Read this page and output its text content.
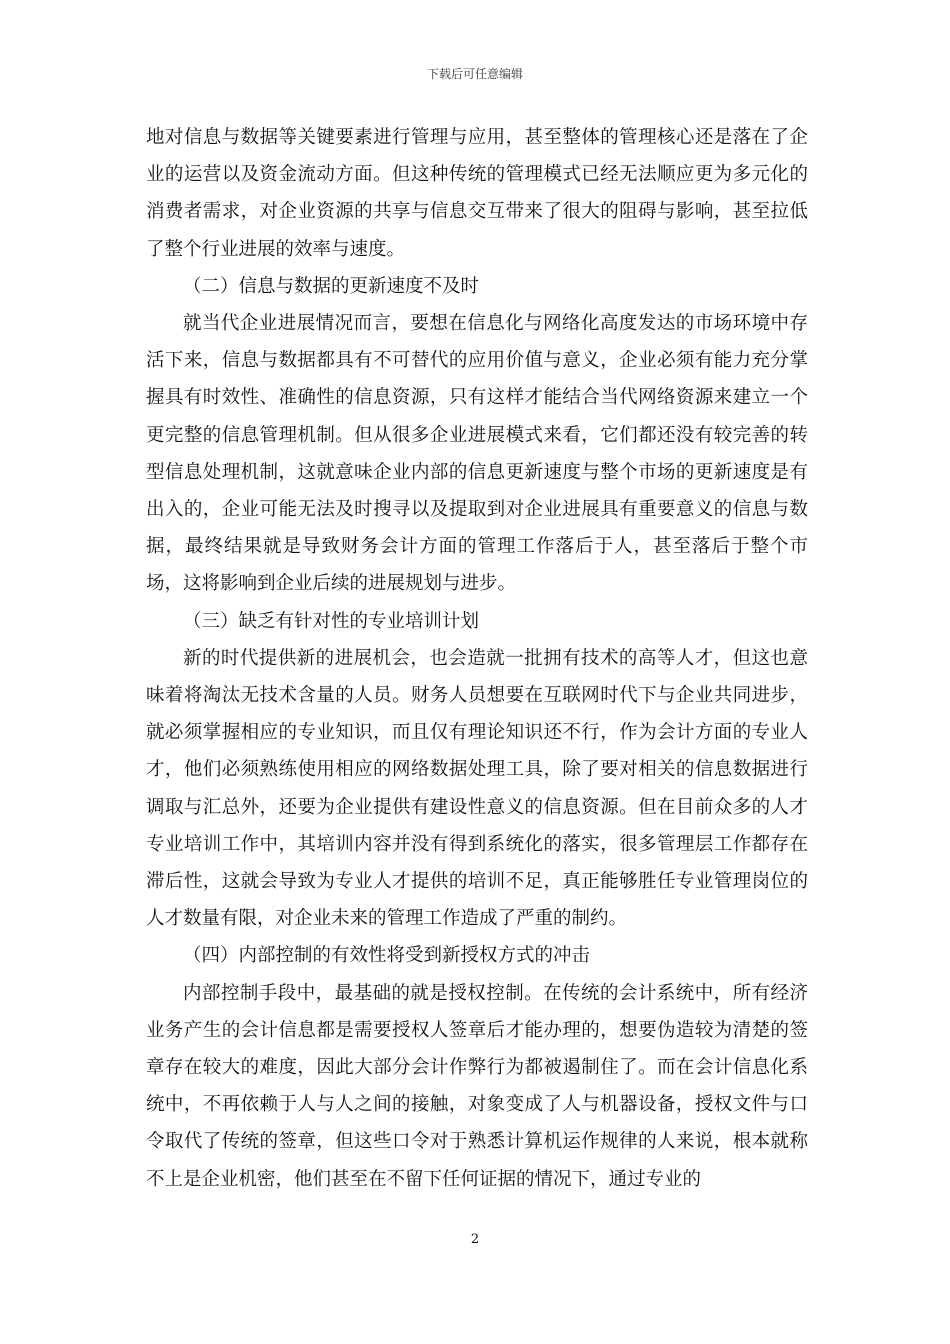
下载后可任意编辑

地对信息与数据等关键要素进行管理与应用，甚至整体的管理核心还是落在了企业的运营以及资金流动方面。但这种传统的管理模式已经无法顺应更为多元化的消费者需求，对企业资源的共享与信息交互带来了很大的阻碍与影响，甚至拉低了整个行业进展的效率与速度。

（二）信息与数据的更新速度不及时

就当代企业进展情况而言，要想在信息化与网络化高度发达的市场环境中存活下来，信息与数据都具有不可替代的应用价值与意义，企业必须有能力充分掌握具有时效性、准确性的信息资源，只有这样才能结合当代网络资源来建立一个更完整的信息管理机制。但从很多企业进展模式来看，它们都还没有较完善的转型信息处理机制，这就意味企业内部的信息更新速度与整个市场的更新速度是有出入的，企业可能无法及时搜寻以及提取到对企业进展具有重要意义的信息与数据，最终结果就是导致财务会计方面的管理工作落后于人，甚至落后于整个市场，这将影响到企业后续的进展规划与进步。

（三）缺乏有针对性的专业培训计划

新的时代提供新的进展机会，也会造就一批拥有技术的高等人才，但这也意味着将淘汰无技术含量的人员。财务人员想要在互联网时代下与企业共同进步，就必须掌握相应的专业知识，而且仅有理论知识还不行，作为会计方面的专业人才，他们必须熟练使用相应的网络数据处理工具，除了要对相关的信息数据进行调取与汇总外，还要为企业提供有建设性意义的信息资源。但在目前众多的人才专业培训工作中，其培训内容并没有得到系统化的落实，很多管理层工作都存在滞后性，这就会导致为专业人才提供的培训不足，真正能够胜任专业管理岗位的人才数量有限，对企业未来的管理工作造成了严重的制约。

（四）内部控制的有效性将受到新授权方式的冲击

内部控制手段中，最基础的就是授权控制。在传统的会计系统中，所有经济业务产生的会计信息都是需要授权人签章后才能办理的，想要伪造较为清楚的签章存在较大的难度，因此大部分会计作弊行为都被遏制住了。而在会计信息化系统中，不再依赖于人与人之间的接触，对象变成了人与机器设备，授权文件与口令取代了传统的签章，但这些口令对于熟悉计算机运作规律的人来说，根本就称不上是企业机密，他们甚至在不留下任何证据的情况下，通过专业的

2
